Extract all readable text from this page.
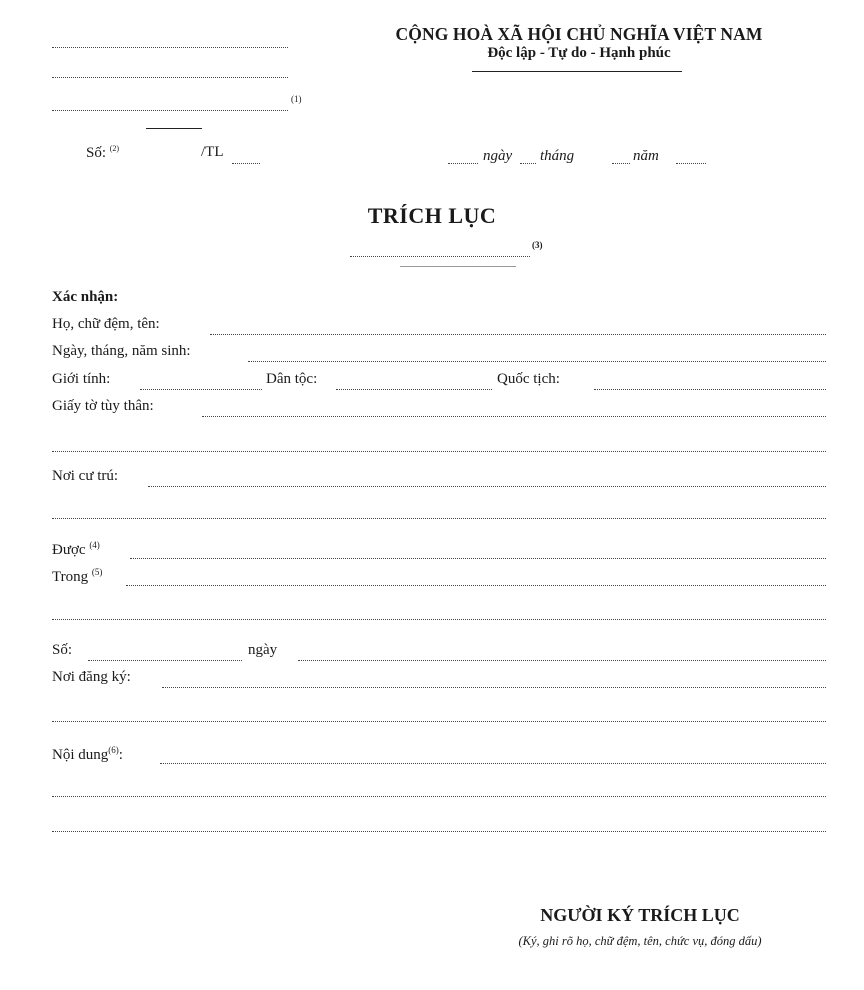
(1)
CỘNG HOÀ XÃ HỘI CHỦ NGHĨA VIỆT NAM
Độc lập - Tự do - Hạnh phúc
Số: $^{(2)}$	/TL	ngày tháng	năm
TRÍCH LỤC
(3)
Xác nhận:
Họ, chữ đệm, tên:
Ngày, tháng, năm sinh:
Giới tính:	Dân tộc:	Quốc tịch:
Giấy tờ tùy thân:
Nơi cư trú:
Được $^{(4)}$
Trong $^{(5)}$
Số:	ngày
Nơi đăng ký:
Nội dung$^{(6)}$:
NGƯỜI KÝ TRÍCH LỤC
(Ký, ghi rõ họ, chữ đệm, tên, chức vụ, đóng dấu)
